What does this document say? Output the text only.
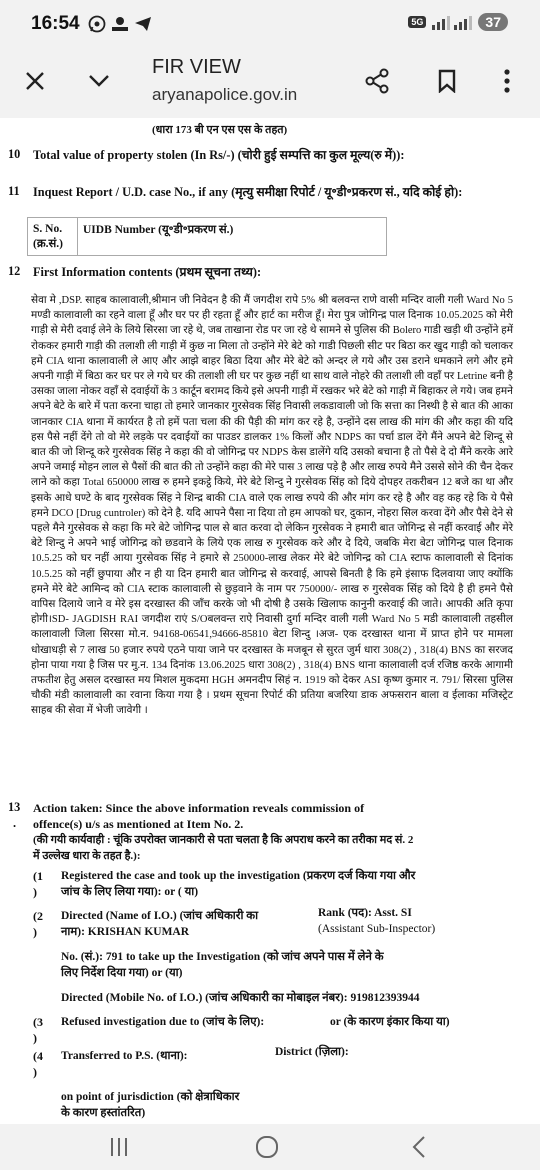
16:54	5G	37
FIR VIEW
aryanapolice.gov.in
(धारा 173 बी एन एस एस के तहत)
10 Total value of property stolen (In Rs/-) (चोरी हुई सम्पत्ति का कुल मूल्य(रु में)):
11 Inquest Report / U.D. case No., if any (मृत्यु समीक्षा रिपोर्ट / यू॰डी॰प्रकरण सं., यदि कोई हो):
S. No.
(क्र.सं.)
UIDB Number (यू॰डी॰प्रकरण सं.)
12 First Information contents (प्रथम सूचना तथ्य):
सेवा मे ,DSP. साहब कालावाली,श्रीमान जी निवेदन है की मैं जगदीश रापे 5% श्री बलवन्त राणे वासी मन्दिर वाली गली Ward No 5 मण्डी कालावाली का रहने वाला हूँ और घर पर ही रहता हूँ और हार्ट का मरीज हूँ। मेरा पुत्र जोगिन्द्र पाल दिनाक 10.05.2025 को मेरी गाड़ी से मेरी दवाई लेने के लिये सिरसा जा रहे थे, जब ताखाना रोड पर जा रहे थे सामने से पुलिस की Bolero गाडी खड़ी थी उन्होंने हमें रोककर हमारी गाड़ी की तलाशी ली गाड़ी में कुछ ना मिला तो उन्होंने मेरे बेटे को गाडी पिछली सीट पर बिठा कर खुद गाड़ी को चलाकर हमे CIA थाना कालावाली ले आए और आझे बाहर बिठा दिया और मेरे बेटे को अन्दर ले गये और उस डराने धमकाने लगे और हमे अपनी गाड़ी में बिठा कर घर पर ले गये घर की तलाशी ली घर पर कुछ नहीं था साथ वाले नोहरे की तलाशी ली वहाँ पर Letrine बनी है उसका जाला नोकर वहाँ से दवाईयों के 3 कार्टून बरामद किये इसे अपनी गाड़ी में रखकर भरे बेटे को गाड़ी में बिहाकर ले गये। जब हमने अपने बेटे के बारे में पता करना चाहा तो हमारे जानकार गुरसेवक सिंह निवासी लकडावाली जो कि सत्ता का निस्थी है से बात की आका जानकार CIA थाना में कार्यरत है तो हमें पता चला की की पैड़ी की मांग कर रहे है, उन्होंने दस लाख की मांग की और कहा की यदि हस पैसे नहीं देंगे तो वो मेरे लड़के पर दवाईयों का पाउडर डालकर 1% किलों और NDPS का पर्चा डाल देंगे मैंने अपने बेटे शिन्दू से बात की जो शिन्दू करे गुरसेवक सिंह ने कहा की वो जोगिन्द्र पर NDPS केस डालेंगे यदि उसको बचाना है तो पैसे दे दो मैंने करके आरे अपने जमाई मोहन लाल से पैसों की बात की तो उन्होंने कहा की मेरे पास 3 लाख पड़े है और लाख रुपये मैने उससे सोने की चैन देकर लाने को कहा Total 650000 लाख रु हमने इकट्ठे किये, मेरे बेटे शिन्दु ने गुरसेवक सिंह को दिये दोपहर तकरीबन 12 बजे का था और इसके आधे घण्टे के बाद गुरसेवक सिंह ने शिन्द्र बाकी CIA वाले एक लाख रुपये की और मांग कर रहे है और वह कह रहे कि ये पैसे हमने DCO [Drug cuntroler) को देने है. यदि आपने पैसा ना दिया तो हम आपको घर, दुकान, नोहरा सिल करवा देंगे और पैसे देने से पहले मैने गुरसेवक से कहा कि मरे बेटे जोगिन्द्र पाल से बात करवा दो लेकिन गुरसेवक ने हमारी बात जोगिन्द्र से नहीं करवाई और मेरे बेटे शिन्दु ने अपने भाई जोगिन्द्र को छडवाने के लिये एक लाख रु गुरसेवक करे और दे दिये, जबकि मेरा बेटा जोगिन्द्र पाल दिनाक 10.5.25 को घर नहीं आया गुरसेवक सिंह ने हमारे से 250000-लाख लेकर मेरे बेटे जोगिन्द्र को CIA स्टाफ कालावाली से दिनांक 10.5.25 को नहीं छुपाया और न ही या दिन हमारी बात जोगिन्द्र से करवाई, आपसे बिनती है कि हमे इंसाफ दिलवाया जाए क्योंकि हमने मेरे बेटे आमिन्द को CIA स्टाक कालावाली से छुड़वाने के नाम पर 750000/- लाख रु गुरसेवक सिंह को दिये है ही हमने पैसे वापिस दिलाये जाने व मेरे इस दरखास्त की जाँच करके जो भी दोषी है उसके खिलाफ कानुनी करवाई की जाते। आपकी अति कृपा होगी।SD- JAGDISH RAI जगदीश राएं S/Oबलवन्त राऐ निवासी दुर्गा मन्दिर वाली गली Ward No 5 मडी कालावाली तहसील कालावाली जिला सिरसा मो.न. 94168-06541,94666-85810 बेटा शिन्दु ।अज- एक दरखास्त थाना में प्राप्त होने पर मामला धोखाधड़ी से 7 लाख 50 हजार रुपये एठने पाया जाने पर दरखास्त के मजबून से सुरत जुर्म धारा 308(2) , 318(4) BNS का सरजद होना पाया गया है जिस पर मु.न. 134 दिनांक 13.06.2025 धारा 308(2) , 318(4) BNS थाना कालावाली दर्ज रजिष्ठ करके आगामी तफतीश हेतु असल दरखास्त मय मिशल मुकदमा HGH अमनदीप सिहं न. 1919 को देकर ASI कृष्ण कुमार न. 791/ सिरसा पुलिस चौकी मंडी कालावाली का रवाना किया गया है । प्रथम सूचना रिपोर्ट की प्रतिया बजरिया डाक अफसरान बाला व ईलाका मजिस्ट्रेट साहब की सेवा में भेजी जावेगी ।
13
.
Action taken: Since the above information reveals commission of
offence(s) u/s as mentioned at Item No. 2.
(की गयी कार्यवाही : चूंकि उपरोक्त जानकारी से पता चलता है कि अपराध करने का तरीका मद सं. 2
में उल्लेख धारा के तहत है.):
(1
)
Registered the case and took up the investigation (प्रकरण दर्ज किया गया और
जांच के लिए लिया गया): or ( या)
(2
)
Directed (Name of I.O.) (जांच अधिकारी का
नाम): KRISHAN KUMAR
Rank (पद): Asst. SI
(Assistant Sub-Inspector)
No. (सं.): 791 to take up the Investigation (को जांच अपने पास में लेने के
लिए निर्देश दिया गया) or (या)
Directed (Mobile No. of I.O.) (जांच अधिकारी का मोबाइल नंबर): 919812393944
(3
)
Refused investigation due to (जांच के लिए):	or (के कारण इंकार किया या)
(4
)
Transferred to P.S. (थाना):	District (ज़िला):
on point of jurisdiction (को क्षेत्राधिकार
के कारण हस्तांतरित)
